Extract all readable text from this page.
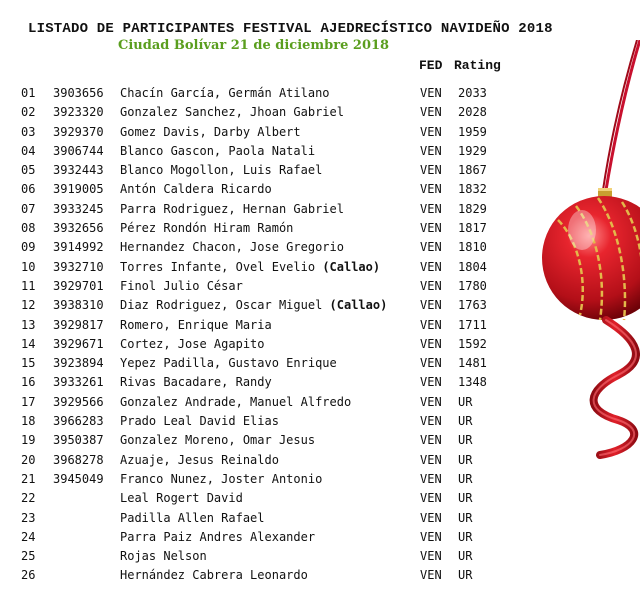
LISTADO DE PARTICIPANTES FESTIVAL AJEDRECÍSTICO NAVIDEÑO 2018
Ciudad Bolívar 21 de diciembre 2018
FED Rating
01 3903656 Chacín García, Germán Atilano	VEN 2033
02 3923320 Gonzalez Sanchez, Jhoan Gabriel	VEN 2028
03 3929370 Gomez Davis, Darby Albert	VEN 1959
04 3906744 Blanco Gascon, Paola Natali	VEN 1929
05 3932443 Blanco Mogollon, Luis Rafael	VEN 1867
06 3919005 Antón Caldera Ricardo	VEN 1832
07 3933245 Parra Rodriguez, Hernan Gabriel	VEN 1829
08 3932656 Pérez Rondón Hiram Ramón	VEN 1817
09 3914992 Hernandez Chacon, Jose Gregorio	VEN 1810
10 3932710 Torres Infante, Ovel Evelio (Callao)	VEN 1804
11 3929701 Finol Julio César	VEN 1780
12 3938310 Diaz Rodriguez, Oscar Miguel (Callao)	VEN 1763
13 3929817 Romero, Enrique Maria	VEN 1711
14 3929671 Cortez, Jose Agapito	VEN 1592
15 3923894 Yepez Padilla, Gustavo Enrique	VEN 1481
16 3933261 Rivas Bacadare, Randy	VEN 1348
17 3929566 Gonzalez Andrade, Manuel Alfredo	VEN UR
18 3966283 Prado Leal David Elias	VEN UR
19 3950387 Gonzalez Moreno, Omar Jesus	VEN UR
20 3968278 Azuaje, Jesus Reinaldo	VEN UR
21 3945049 Franco Nunez, Joster Antonio	VEN UR
22	Leal Rogert David	VEN UR
23	Padilla Allen Rafael	VEN UR
24	Parra Paiz Andres Alexander	VEN UR
25	Rojas Nelson	VEN UR
26	Hernández Cabrera Leonardo	VEN UR
